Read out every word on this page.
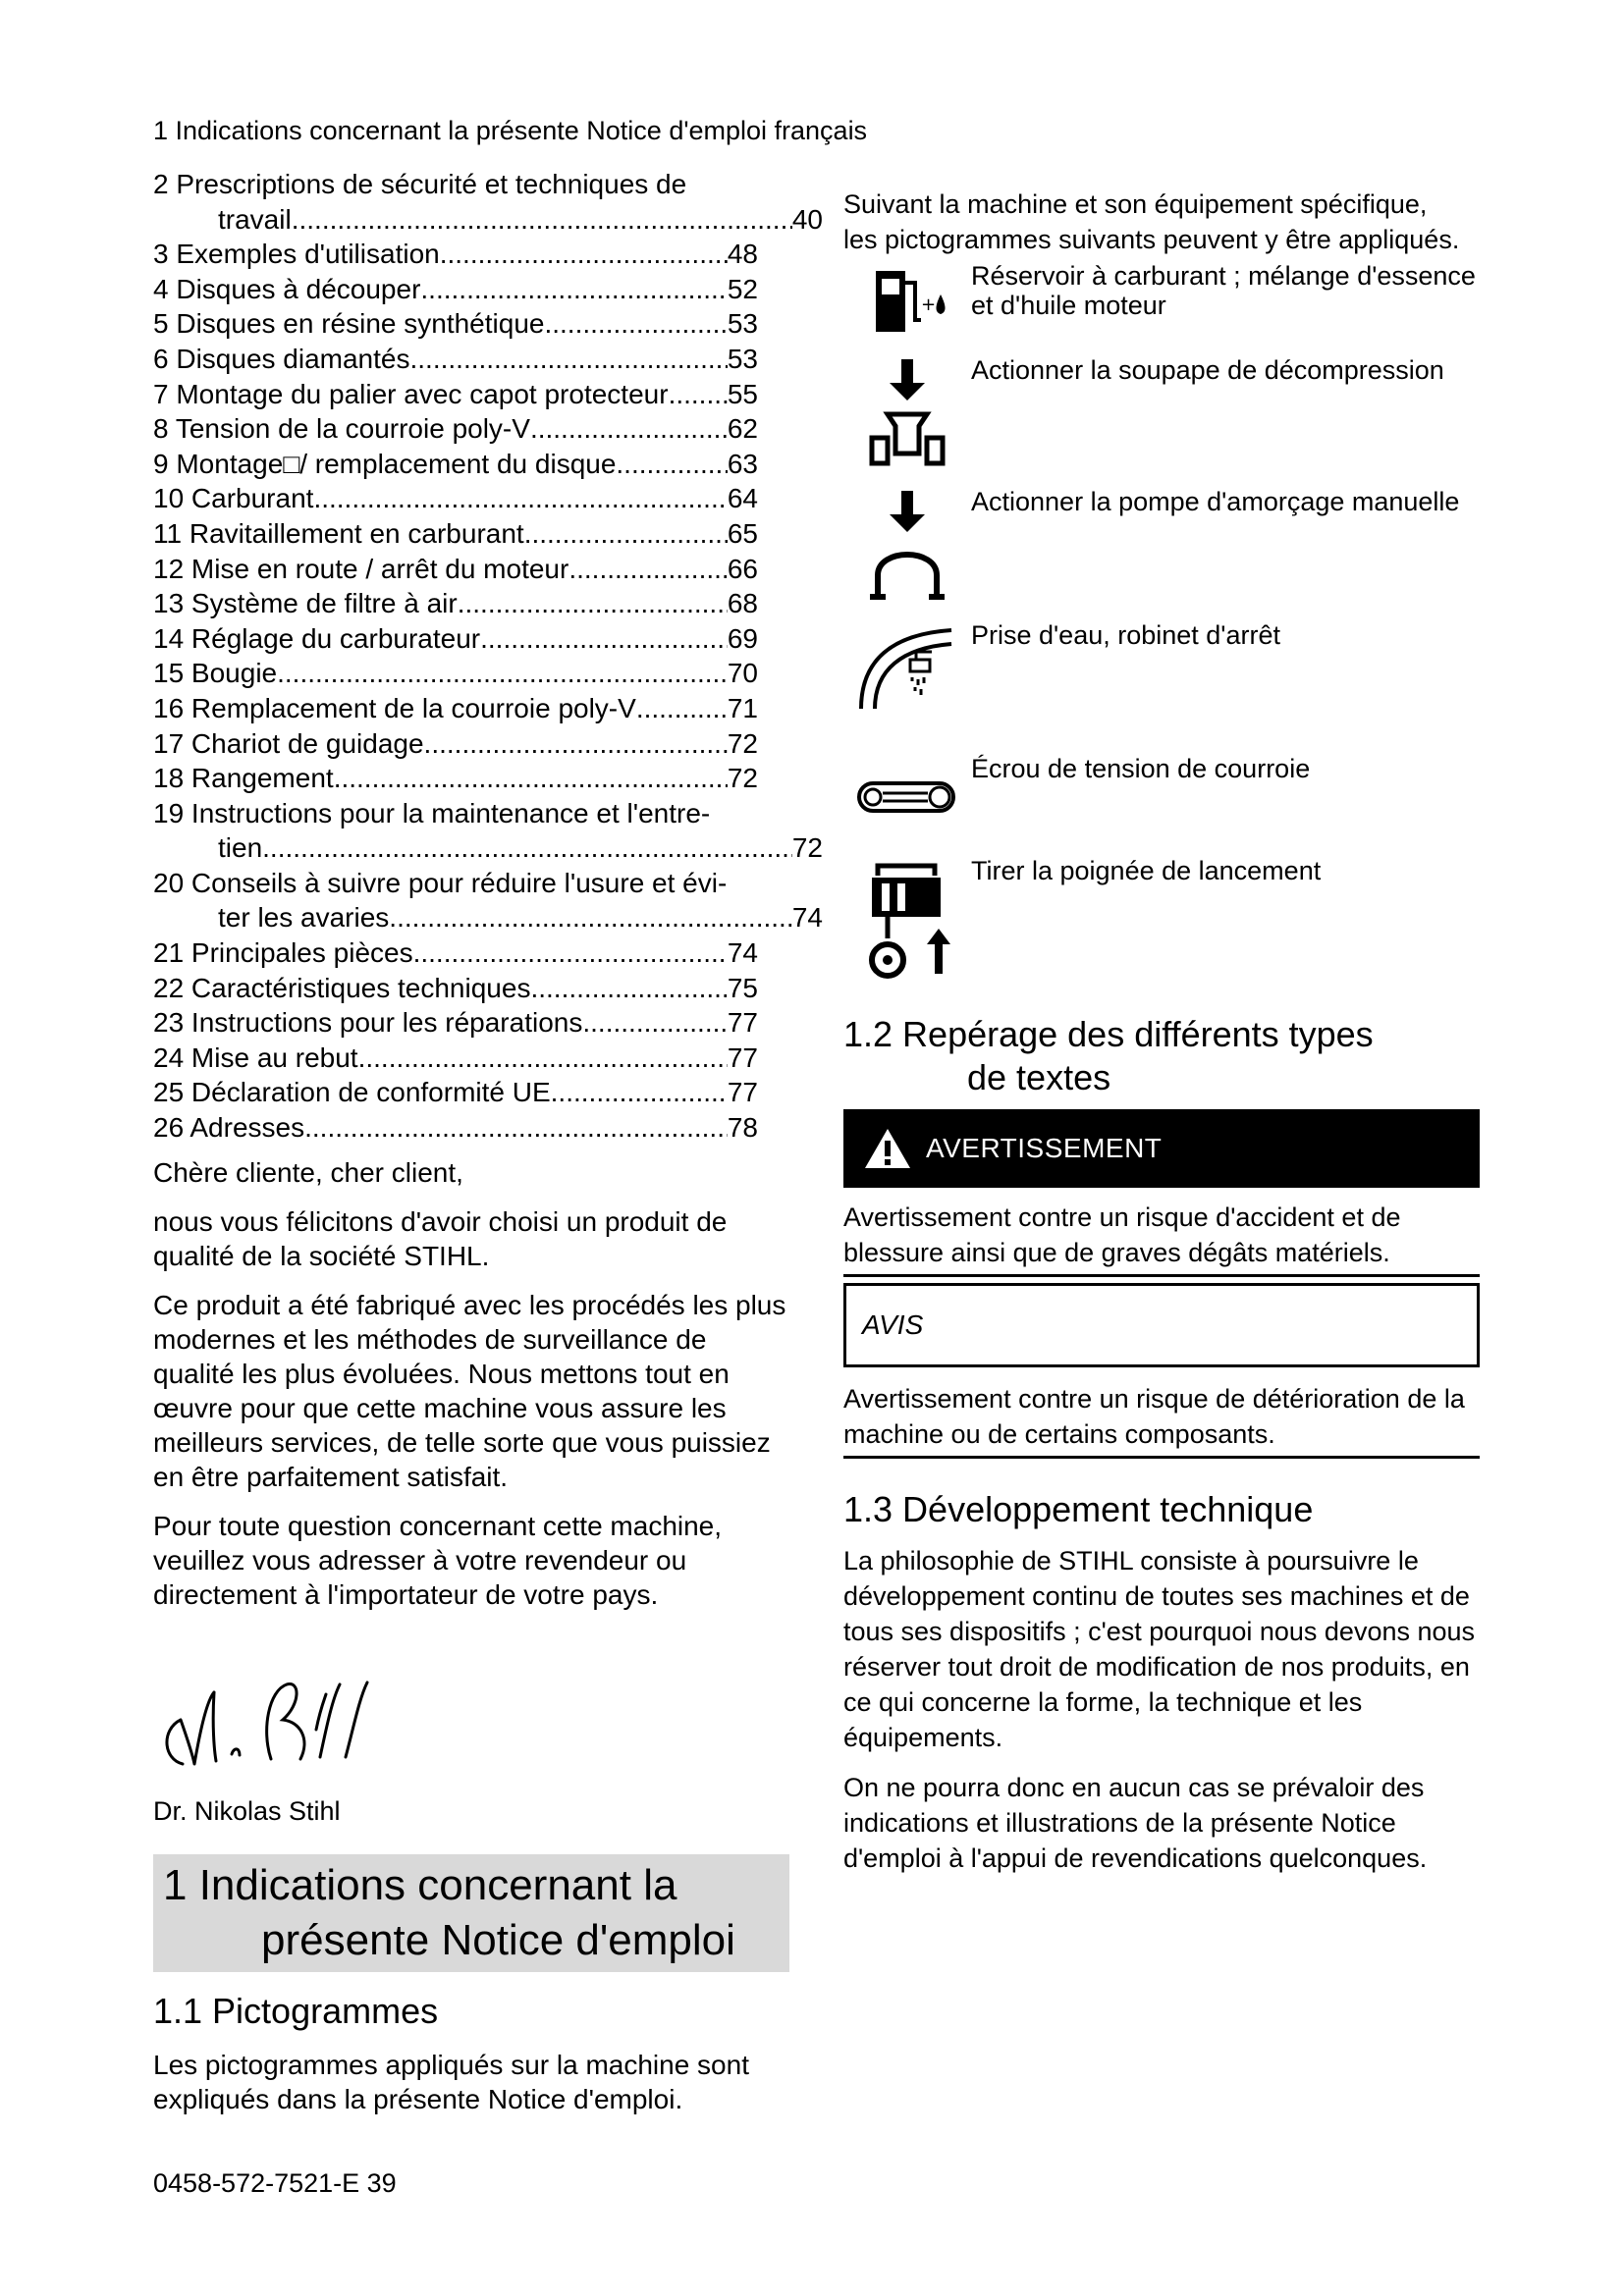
1 Indications concernant la présente Notice d'emploi français
2 Prescriptions de sécurité et techniques de
travail .....	40
3 Exemples d'utilisation .....	48
4 Disques à découper .....	52
5 Disques en résine synthétique .....	53
6 Disques diamantés .....	53
7 Montage du palier avec capot protecteur ..... 55
8 Tension de la courroie poly-V .....	62
9 Montage□/ remplacement du disque .....	63
10 Carburant .....	64
11 Ravitaillement en carburant .....	65
12 Mise en route / arrêt du moteur .....	66
13 Système de filtre à air .....	68
14 Réglage du carburateur .....	69
15 Bougie .....	70
16 Remplacement de la courroie poly-V .....	71
17 Chariot de guidage .....	72
18 Rangement .....	72
19 Instructions pour la maintenance et l'entre-
tien .....	72
20 Conseils à suivre pour réduire l'usure et évi-
ter les avaries .....	74
21 Principales pièces .....	74
22 Caractéristiques techniques .....	75
23 Instructions pour les réparations .....	77
24 Mise au rebut .....	77
25 Déclaration de conformité UE .....	77
26 Adresses .....	78

Chère cliente, cher client,

nous vous félicitons d'avoir choisi un produit de qualité de la société STIHL.

Ce produit a été fabriqué avec les procédés les plus modernes et les méthodes de surveillance de qualité les plus évoluées. Nous mettons tout en œuvre pour que cette machine vous assure les meilleurs services, de telle sorte que vous puissiez en être parfaitement satisfait.

Pour toute question concernant cette machine, veuillez vous adresser à votre revendeur ou directement à l'importateur de votre pays.

Dr. Nikolas Stihl
1 Indications concernant la
présente Notice d'emploi
1.1 Pictogrammes

Les pictogrammes appliqués sur la machine sont expliqués dans la présente Notice d'emploi.

Suivant la machine et son équipement spécifique, les pictogrammes suivants peuvent y être appliqués.

+
Réservoir à carburant ; mélange d'essence et d'huile moteur
Actionner la soupape de décompression
Actionner la pompe d'amorçage manuelle
Prise d'eau, robinet d'arrêt
Écrou de tension de courroie
Tirer la poignée de lancement
1.2 Repérage des différents types
de textes
AVERTISSEMENT

Avertissement contre un risque d'accident et de blessure ainsi que de graves dégâts matériels.

AVIS

Avertissement contre un risque de détérioration de la machine ou de certains composants.

1.3 Développement technique

La philosophie de STIHL consiste à poursuivre le développement continu de toutes ses machines et de tous ses dispositifs ; c'est pourquoi nous devons nous réserver tout droit de modification de nos produits, en ce qui concerne la forme, la technique et les équipements.

On ne pourra donc en aucun cas se prévaloir des indications et illustrations de la présente Notice d'emploi à l'appui de revendications quelconques.

0458-572-7521-E 39
